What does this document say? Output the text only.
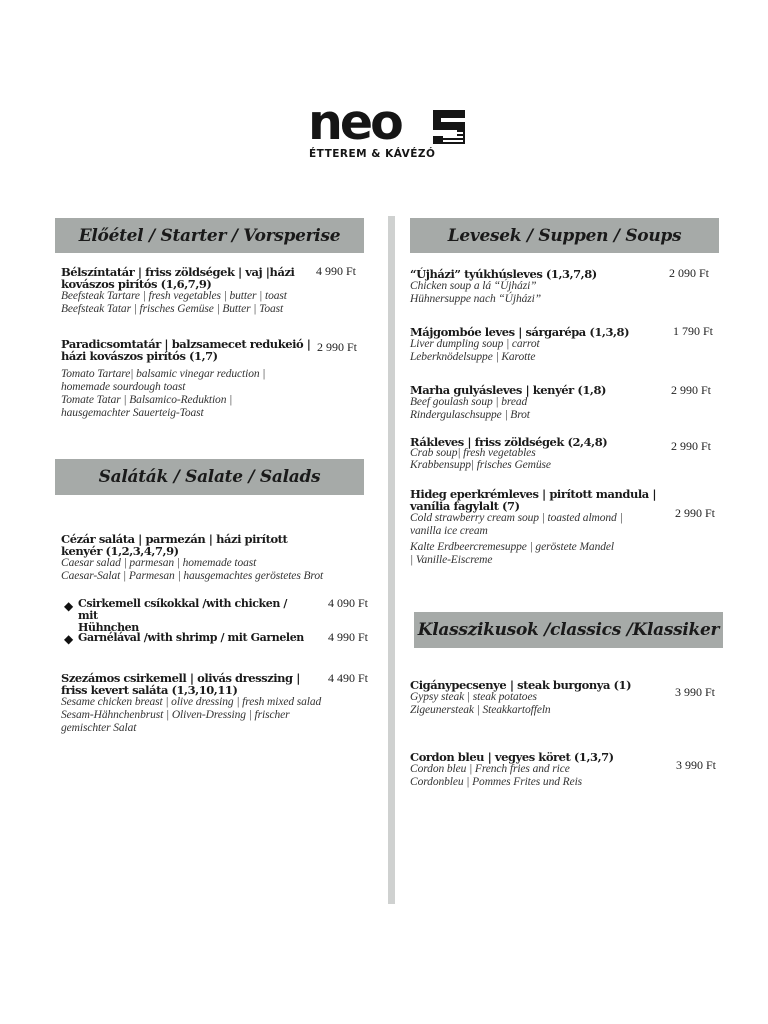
neo
ÉTTEREM & KÁVÉZÓ
Előétel / Starter / Vorsperise
Saláták / Salate / Salads
Levesek / Suppen / Soups
Klasszikusok /classics /Klassiker
Bélszíntatár | friss zöldségek | vaj |házi
kovászos pirítós (1,6,7,9)
Beefsteak Tartare | fresh vegetables | butter | toast
Beefsteak Tatar | frisches Gemüse | Butter | Toast
4 990 Ft
Paradicsomtatár | balzsamecet redukeió |
házi kovászos pirítós (1,7)
Tomato Tartare| balsamic vinegar reduction |
homemade sourdough toast
Tomate Tatar | Balsamico-Reduktion |
hausgemachter Sauerteig-Toast
2 990 Ft
Cézár saláta | parmezán | házi pirított
kenyér (1,2,3,4,7,9)
Caesar salad | parmesan | homemade toast
Caesar-Salat | Parmesan | hausgemachtes geröstetes Brot
◆ Csirkemell csíkokkal /with chicken / mit
Hühnchen
4 090 Ft
◆ Garnélával /with shrimp / mit Garnelen	4 990 Ft
Szezámos csirkemell | olivás dresszing |
friss kevert saláta (1,3,10,11)
Sesame chicken breast | olive dressing | fresh mixed salad
Sesam-Hähnchenbrust | Oliven-Dressing | frischer
gemischter Salat
4 490 Ft
“Újházi” tyúkhúsleves (1,3,7,8)
Chicken soup a lá “Újházi”
Hühnersuppe nach “Újházi”
2 090 Ft
Májgombóe leves | sárgarépa (1,3,8)
Liver dumpling soup | carrot
Leberknödelsuppe | Karotte
1 790 Ft
Marha gulyásleves | kenyér (1,8)
Beef goulash soup | bread
Rindergulaschsuppe | Brot
2 990 Ft
Rákleves | friss zöldségek (2,4,8)
Crab soup| fresh vegetables
Krabbensupp| frisches Gemüse
2 990 Ft
Hideg eperkrémleves | pirított mandula |
vanília fagylalt (7)
Cold strawberry cream soup | toasted almond |
vanilla ice cream
Kalte Erdbeercremesuppe | geröstete Mandel
| Vanille-Eiscreme
2 990 Ft
Cigánypecsenye | steak burgonya (1)
Gypsy steak | steak potatoes
Zigeunersteak | Steakkartoffeln
3 990 Ft
Cordon bleu | vegyes köret (1,3,7)
Cordon bleu | French fries and rice
Cordonbleu | Pommes Frites und Reis
3 990 Ft
